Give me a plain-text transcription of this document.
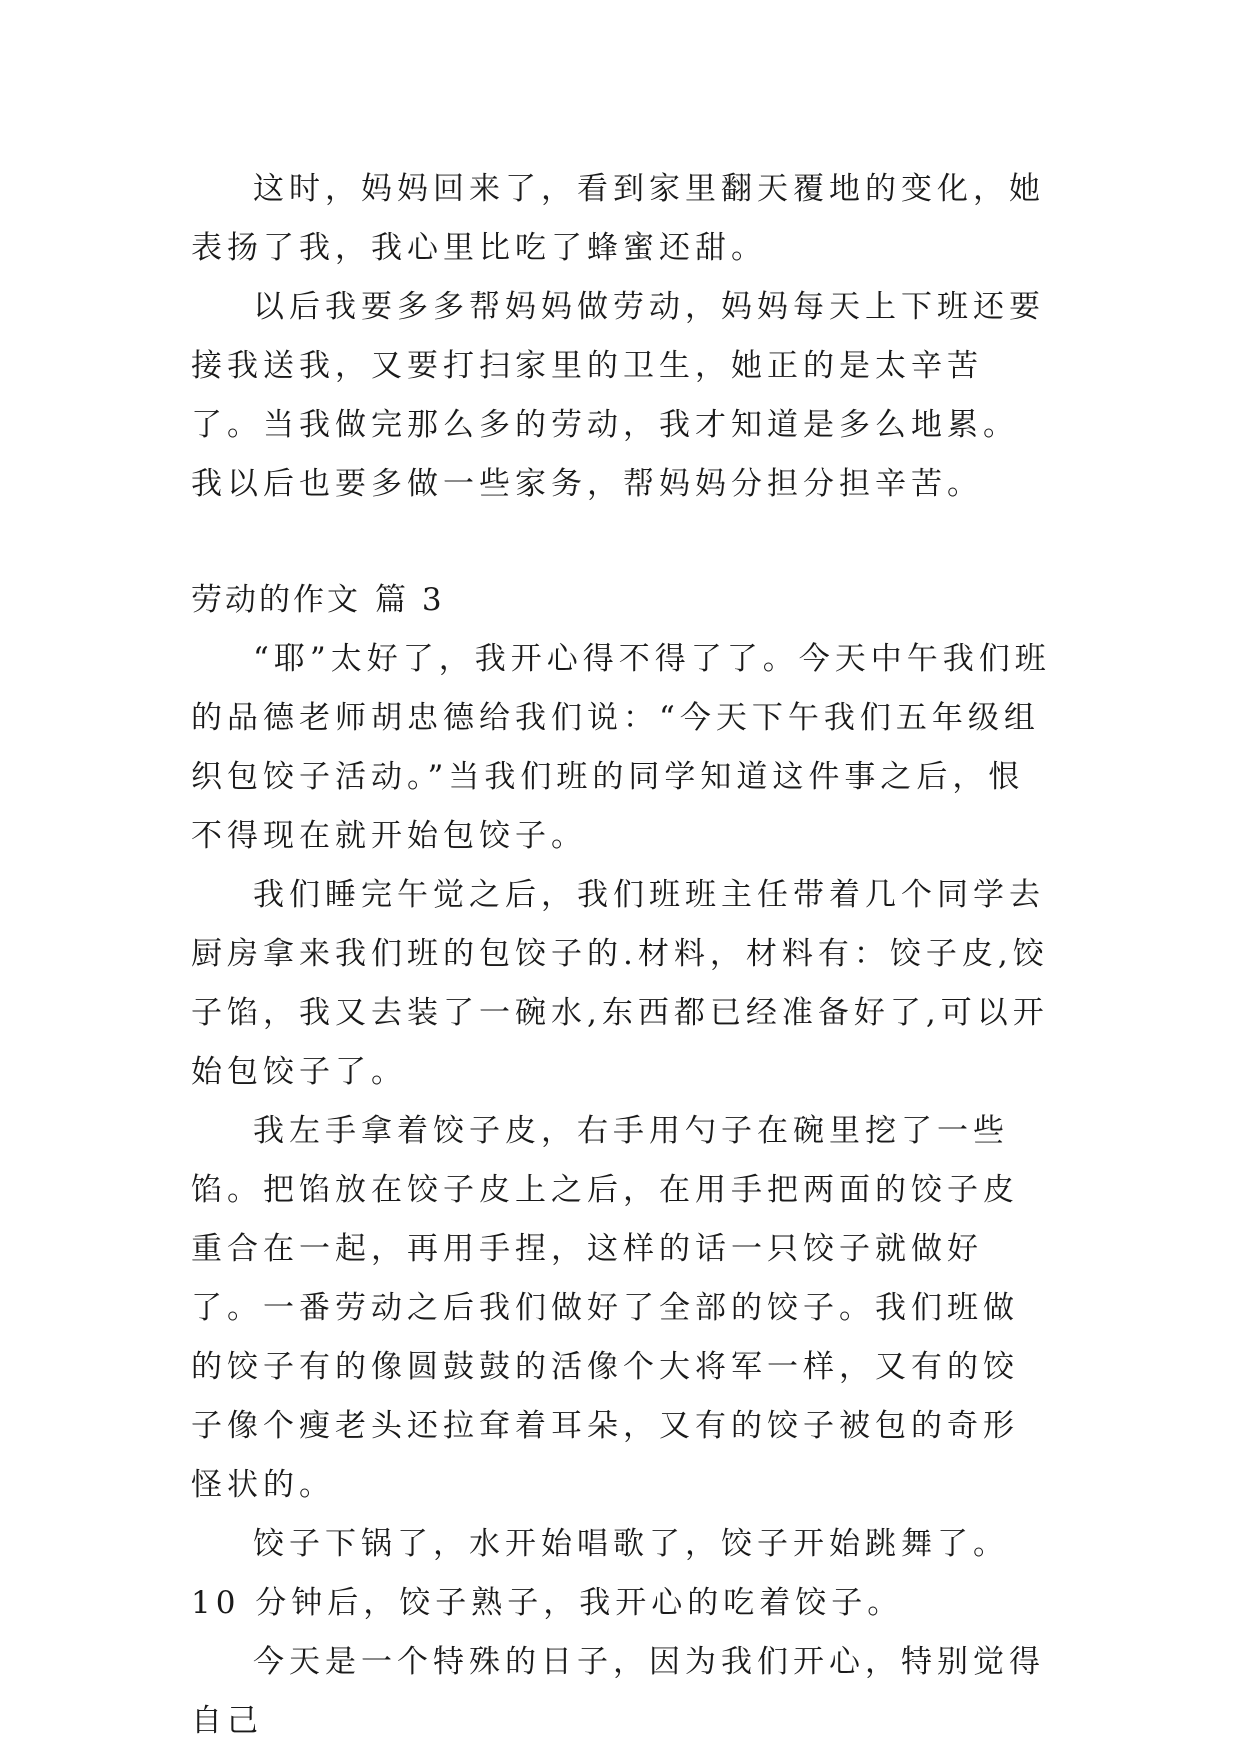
这时，妈妈回来了，看到家里翻天覆地的变化，她表扬了我，我心里比吃了蜂蜜还甜。

以后我要多多帮妈妈做劳动，妈妈每天上下班还要接我送我，又要打扫家里的卫生，她正的是太辛苦了。当我做完那么多的劳动，我才知道是多么地累。我以后也要多做一些家务，帮妈妈分担分担辛苦。

劳动的作文 篇 3

“耶”太好了，我开心得不得了了。今天中午我们班的品德老师胡忠德给我们说：“今天下午我们五年级组织包饺子活动。”当我们班的同学知道这件事之后，恨不得现在就开始包饺子。

我们睡完午觉之后，我们班班主任带着几个同学去厨房拿来我们班的包饺子的.材料，材料有：饺子皮,饺子馅，我又去装了一碗水,东西都已经准备好了,可以开始包饺子了。

我左手拿着饺子皮，右手用勺子在碗里挖了一些馅。把馅放在饺子皮上之后，在用手把两面的饺子皮重合在一起，再用手捏，这样的话一只饺子就做好了。一番劳动之后我们做好了全部的饺子。我们班做的饺子有的像圆鼓鼓的活像个大将军一样，又有的饺子像个瘦老头还拉耷着耳朵，又有的饺子被包的奇形怪状的。

饺子下锅了，水开始唱歌了，饺子开始跳舞了。10 分钟后，饺子熟子，我开心的吃着饺子。

今天是一个特殊的日子，因为我们开心，特别觉得自己
